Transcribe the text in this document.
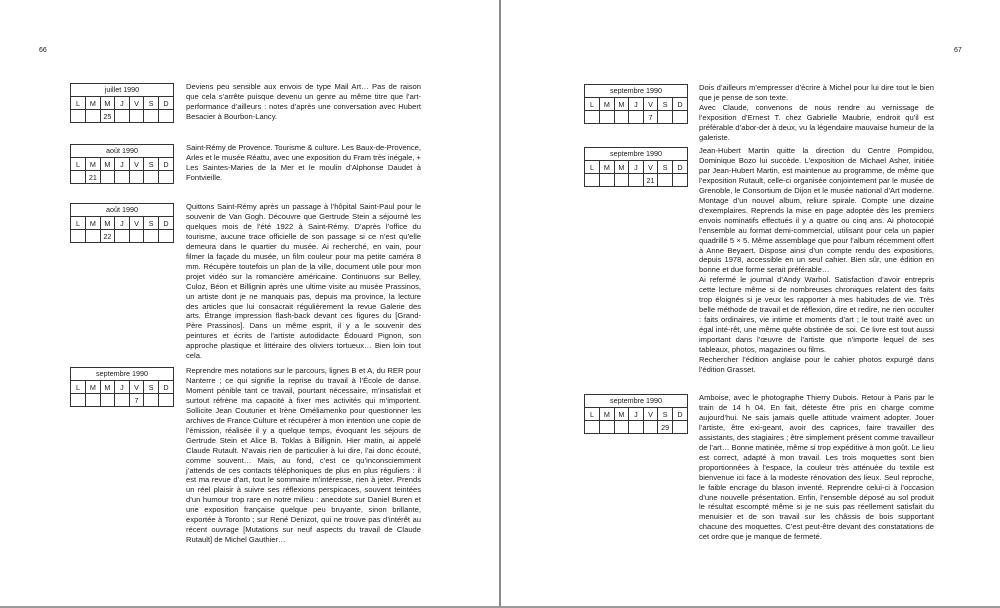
66
juillet 1990
L	M	M	J	V	S	D
		25				

Deviens peu sensible aux envois de type Mail Art… Pas de raison que cela s’arrête puisque devenu un genre au même titre que l’art-performance d’ailleurs : notes d’après une conversation avec Hubert Besacier à Bourbon-Lancy.

août 1990
L	M	M	J	V	S	D
	21					

Saint-Rémy de Provence. Tourisme & culture. Les Baux-de-Provence, Arles et le musée Réattu, avec une exposition du Fram très inégale, + Les Saintes-Maries de la Mer et le moulin d’Alphonse Daudet à Fontvieille.

août 1990
L	M	M	J	V	S	D
		22				

Quittons Saint-Rémy après un passage à l’hôpital Saint-Paul pour le souvenir de Van Gogh. Découvre que Gertrude Stein a séjourné les quelques mois de l’été 1922 à Saint-Rémy. D’après l’office du tourisme, aucune trace officielle de son passage si ce n’est qu’elle demeura dans le quartier du musée. Ai recherché, en vain, pour filmer la façade du musée, un film couleur pour ma petite caméra 8 mm. Récupère toutefois un plan de la ville, document utile pour mon projet vidéo sur la romancière américaine. Continuons sur Belley, Culoz, Béon et Billignin après une ultime visite au musée Prassinos, un artiste dont je ne manquais pas, depuis ma province, la lecture des articles que lui consacrait régulièrement la revue Galerie des arts. Étrange impression flash-back devant ces figures du [Grand-Père Prassinos]. Dans un même esprit, il y a le souvenir des peintures et écrits de l’artiste autodidacte Édouard Pignon, son approche plastique et littéraire des oliviers tortueux… Bien loin tout cela.

septembre 1990
L	M	M	J	V	S	D
				7		

Reprendre mes notations sur le parcours, lignes B et A, du RER pour Nanterre ; ce qui signifie la reprise du travail à l’École de danse. Moment pénible tant ce travail, pourtant nécessaire, m’insatisfait et surtout réfrène ma capacité à fixer mes activités qui m’importent. Sollicite Jean Couturier et Irène Oméliamenko pour questionner les archives de France Culture et récupérer à mon intention une copie de l’émission, réalisée il y a quelque temps, évoquant les séjours de Gertrude Stein et Alice B. Toklas à Billignin. Hier matin, ai appelé Claude Rutault. N’avais rien de particulier à lui dire, l’ai donc écouté, comme souvent… Mais, au fond, c’est ce qu’inconsciemment j’attends de ces contacts téléphoniques de plus en plus réguliers : il est ma revue d’art, tout le sommaire m’intéresse, rien à jeter. Prends un réel plaisir à suivre ses réflexions perspicaces, souvent teintées d’un humour trop rare en notre milieu : anecdote sur Daniel Buren et une exposition française quelque peu bruyante, sinon brillante, exportée à Toronto ; sur René Denizot, qui ne trouve pas d’intérêt au récent ouvrage [Mutations sur neuf aspects du travail de Claude Rutault] de Michel Gauthier…

67
septembre 1990
L	M	M	J	V	S	D
				7		

Dois d’ailleurs m’empresser d’écrire à Michel pour lui dire tout le bien que je pense de son texte.

Avec Claude, convenons de nous rendre au vernissage de l’exposition d’Ernest T. chez Gabrielle Maubrie, endroit qu’il est préférable d’abor-der à deux, vu la légendaire mauvaise humeur de la galeriste.

septembre 1990
L	M	M	J	V	S	D
				21		

Jean-Hubert Martin quitte la direction du Centre Pompidou, Dominique Bozo lui succède. L’exposition de Michael Asher, initiée par Jean-Hubert Martin, est maintenue au programme, de même que l’exposition Rutault, celle-ci organisée conjointement par le musée de Grenoble, le Consortium de Dijon et le musée national d’Art moderne. Montage d’un nouvel album, reliure spirale. Compte une dizaine d’exemplaires. Reprends la mise en page adoptée dès les premiers envois nominatifs effectués il y a quatre ou cinq ans. Ai photocopié l’ensemble au format demi-commercial, utilisant pour cela un papier quadrillé 5 × 5. Même assemblage que pour l’album récemment offert à Anne Beyaert. Dispose ainsi d’un compte rendu des expositions, depuis 1978, accessible en un seul cahier. Bien sûr, une édition en bonne et due forme serait préférable…

Ai refermé le journal d’Andy Warhol. Satisfaction d’avoir entrepris cette lecture même si de nombreuses chroniques relatent des faits trop éloignés si je veux les rapporter à mes habitudes de vie. Très belle méthode de travail et de réflexion, dire et redire, ne rien occulter : faits ordinaires, vie intime et moments d’art ; le tout traité avec un égal inté-rêt, une même quête obstinée de soi. Ce livre est tout aussi important dans l’œuvre de l’artiste que n’importe lequel de ses tableaux, photos, magazines ou films.

Rechercher l’édition anglaise pour le cahier photos expurgé dans l’édition Grasset.

septembre 1990
L	M	M	J	V	S	D
					29	

Amboise, avec le photographe Thierry Dubois. Retour à Paris par le train de 14 h 04. En fait, déteste être pris en charge comme aujourd’hui. Ne sais jamais quelle attitude vraiment adopter. Jouer l’artiste, être exi-geant, avoir des caprices, faire travailler des assistants, des stagiaires ; être simplement présent comme travailleur de l’art… Bonne matinée, même si trop expéditive à mon goût. Le lieu est correct, adapté à mon travail. Les trois moquettes sont bien proportionnées à l’espace, la couleur très atténuée du textile est bienvenue ici face à la modeste rénovation des lieux. Seul reproche, le faible encrage du blason inventé. Reprendre celui-ci à l’occasion d’une nouvelle présentation. Enfin, l’ensemble déposé au sol produit le résultat escompté même si je ne suis pas réellement satisfait du menuisier et de son travail sur les châssis de bois supportant chacune des moquettes. C’est peut-être devant des constatations de cet ordre que je manque de fermeté.
